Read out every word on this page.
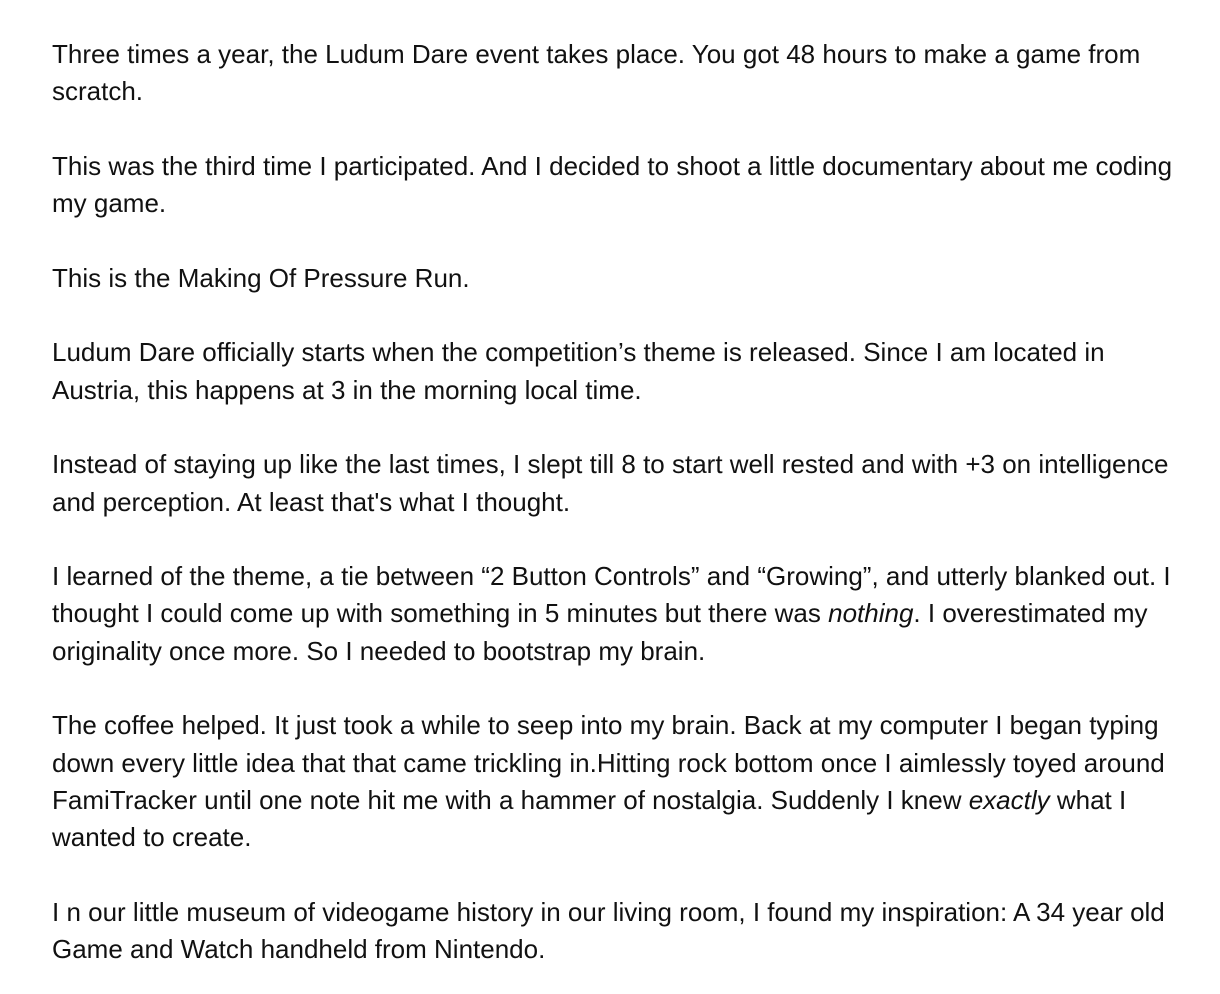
Three times a year, the Ludum Dare event takes place. You got 48 hours to make a game from scratch.

This was the third time I participated. And I decided to shoot a little documentary about me coding my game.

This is the Making Of Pressure Run.

Ludum Dare officially starts when the competition’s theme is released. Since I am located in Austria, this happens at 3 in the morning local time.

Instead of staying up like the last times, I slept till 8 to start well rested and with +3 on intelligence and perception. At least that's what I thought.

I learned of the theme, a tie between “2 Button Controls” and “Growing”, and utterly blanked out. I thought I could come up with something in 5 minutes but there was nothing. I overestimated my originality once more. So I needed to bootstrap my brain.

The coffee helped. It just took a while to seep into my brain. Back at my computer I began typing down every little idea that that came trickling in.Hitting rock bottom once I aimlessly toyed around FamiTracker until one note hit me with a hammer of nostalgia. Suddenly I knew exactly what I wanted to create.

I n our little museum of videogame history in our living room, I found my inspiration: A 34 year old Game and Watch handheld from Nintendo.
